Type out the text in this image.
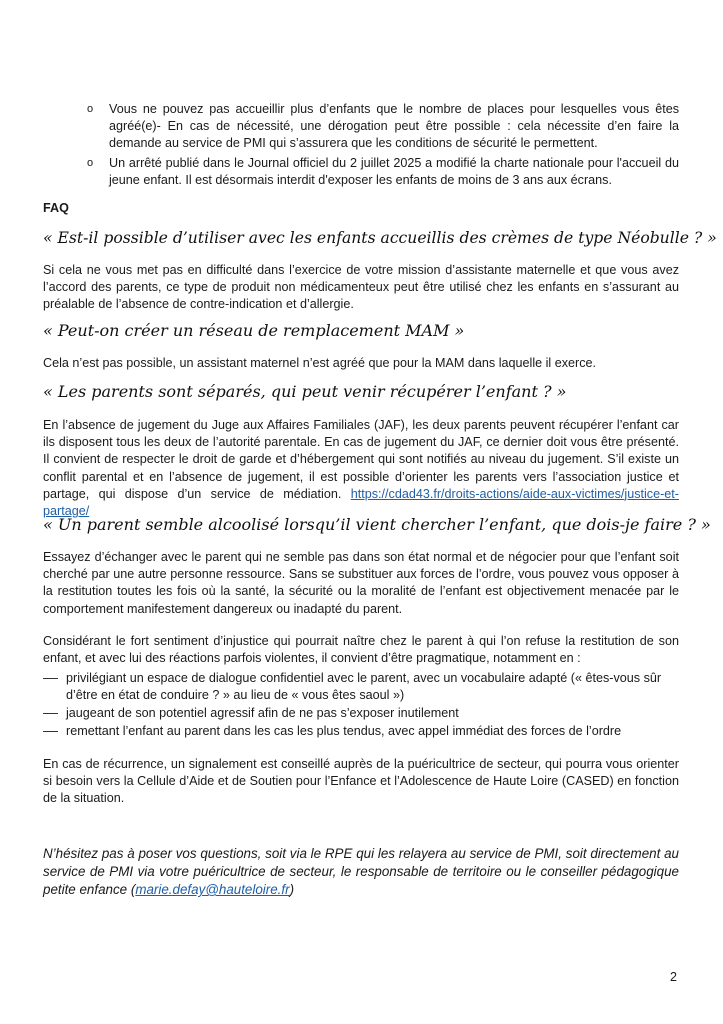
o Vous ne pouvez pas accueillir plus d’enfants que le nombre de places pour lesquelles vous êtes agréé(e)- En cas de nécessité, une dérogation peut être possible : cela nécessite d’en faire la demande au service de PMI qui s’assurera que les conditions de sécurité le permettent.
o Un arrêté publié dans le Journal officiel du 2 juillet 2025 a modifié la charte nationale pour l'accueil du jeune enfant. Il est désormais interdit d'exposer les enfants de moins de 3 ans aux écrans.
FAQ
« Est-il possible d’utiliser avec les enfants accueillis des crèmes de type Néobulle ? »

Si cela ne vous met pas en difficulté dans l’exercice de votre mission d’assistante maternelle et que vous avez l’accord des parents, ce type de produit non médicamenteux peut être utilisé chez les enfants en s’assurant au préalable de l’absence de contre-indication et d’allergie.

« Peut-on créer un réseau de remplacement MAM »

Cela n’est pas possible, un assistant maternel n’est agréé que pour la MAM dans laquelle il exerce.

« Les parents sont séparés, qui peut venir récupérer l’enfant ? »

En l’absence de jugement du Juge aux Affaires Familiales (JAF), les deux parents peuvent récupérer l’enfant car ils disposent tous les deux de l’autorité parentale. En cas de jugement du JAF, ce dernier doit vous être présenté. Il convient de respecter le droit de garde et d’hébergement qui sont notifiés au niveau du jugement. S’il existe un conflit parental et en l’absence de jugement, il est possible d’orienter les parents vers l’association justice et partage, qui dispose d’un service de médiation. https://cdad43.fr/droits-actions/aide-aux-victimes/justice-et-partage/

« Un parent semble alcoolisé lorsqu’il vient chercher l’enfant, que dois-je faire ? »

Essayez d’échanger avec le parent qui ne semble pas dans son état normal et de négocier pour que l’enfant soit cherché par une autre personne ressource. Sans se substituer aux forces de l’ordre, vous pouvez vous opposer à la restitution toutes les fois où la santé, la sécurité ou la moralité de l’enfant est objectivement menacée par le comportement manifestement dangereux ou inadapté du parent.

Considérant le fort sentiment d’injustice qui pourrait naître chez le parent à qui l’on refuse la restitution de son enfant, et avec lui des réactions parfois violentes, il convient d’être pragmatique, notamment en :

privilégiant un espace de dialogue confidentiel avec le parent, avec un vocabulaire adapté (« êtes-vous sûr d’être en état de conduire ? » au lieu de « vous êtes saoul »)
jaugeant de son potentiel agressif afin de ne pas s’exposer inutilement
remettant l’enfant au parent dans les cas les plus tendus, avec appel immédiat des forces de l’ordre

En cas de récurrence, un signalement est conseillé auprès de la puéricultrice de secteur, qui pourra vous orienter si besoin vers la Cellule d’Aide et de Soutien pour l’Enfance et l’Adolescence de Haute Loire (CASED) en fonction de la situation.

N’hésitez pas à poser vos questions, soit via le RPE qui les relayera au service de PMI, soit directement au service de PMI via votre puéricultrice de secteur, le responsable de territoire ou le conseiller pédagogique petite enfance (marie.defay@hauteloire.fr)

2
